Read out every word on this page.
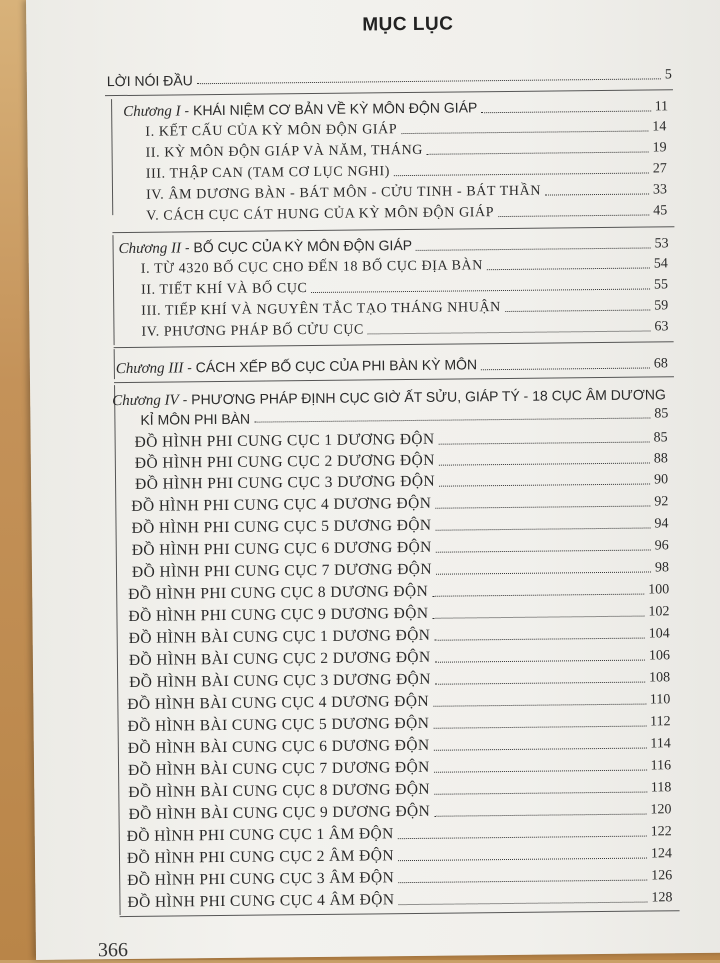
MỤC LỤC
LỜI NÓI ĐẦU	5
Chương I - KHÁI NIỆM CƠ BẢN VỀ KỲ MÔN ĐỘN GIÁP	11
I. KẾT CẤU CỦA KỲ MÔN ĐỘN GIÁP	14
II. KỲ MÔN ĐỘN GIÁP VÀ NĂM, THÁNG	19
III. THẬP CAN (TAM CƠ LỤC NGHI)	27
IV. ÂM DƯƠNG BÀN - BÁT MÔN - CỬU TINH - BÁT THẦN	33
V. CÁCH CỤC CÁT HUNG CỦA KỲ MÔN ĐỘN GIÁP	45
Chương II - BỐ CỤC CỦA KỲ MÔN ĐỘN GIÁP	53
I. TỪ 4320 BỐ CỤC CHO ĐẾN 18 BỐ CỤC ĐỊA BÀN	54
II. TIẾT KHÍ VÀ BỐ CỤC	55
III. TIẾP KHÍ VÀ NGUYÊN TẮC TẠO THÁNG NHUẬN	59
IV. PHƯƠNG PHÁP BỐ CỬU CỤC	63
Chương III - CÁCH XẾP BỐ CỤC CỦA PHI BÀN KỲ MÔN	68
Chương IV - PHƯƠNG PHÁP ĐỊNH CỤC GIỜ ẤT SỬU, GIÁP TÝ - 18 CỤC ÂM DƯƠNG
KỈ MÔN PHI BÀN	85
ĐỒ HÌNH PHI CUNG CỤC 1 DƯƠNG ĐỘN	85
ĐỒ HÌNH PHI CUNG CỤC 2 DƯƠNG ĐỘN	88
ĐỒ HÌNH PHI CUNG CỤC 3 DƯƠNG ĐỘN	90
ĐỒ HÌNH PHI CUNG CỤC 4 DƯƠNG ĐỘN	92
ĐỒ HÌNH PHI CUNG CỤC 5 DƯƠNG ĐỘN	94
ĐỒ HÌNH PHI CUNG CỤC 6 DƯƠNG ĐỘN	96
ĐỒ HÌNH PHI CUNG CỤC 7 DƯƠNG ĐỘN	98
ĐỒ HÌNH PHI CUNG CỤC 8 DƯƠNG ĐỘN	100
ĐỒ HÌNH PHI CUNG CỤC 9 DƯƠNG ĐỘN	102
ĐỒ HÌNH BÀI CUNG CỤC 1 DƯƠNG ĐỘN	104
ĐỒ HÌNH BÀI CUNG CỤC 2 DƯƠNG ĐỘN	106
ĐỒ HÌNH BÀI CUNG CỤC 3 DƯƠNG ĐỘN	108
ĐỒ HÌNH BÀI CUNG CỤC 4 DƯƠNG ĐỘN	110
ĐỒ HÌNH BÀI CUNG CỤC 5 DƯƠNG ĐỘN	112
ĐỒ HÌNH BÀI CUNG CỤC 6 DƯƠNG ĐỘN	114
ĐỒ HÌNH BÀI CUNG CỤC 7 DƯƠNG ĐỘN	116
ĐỒ HÌNH BÀI CUNG CỤC 8 DƯƠNG ĐỘN	118
ĐỒ HÌNH BÀI CUNG CỤC 9 DƯƠNG ĐỘN	120
ĐỒ HÌNH PHI CUNG CỤC 1 ÂM ĐỘN	122
ĐỒ HÌNH PHI CUNG CỤC 2 ÂM ĐỘN	124
ĐỒ HÌNH PHI CUNG CỤC 3 ÂM ĐỘN	126
ĐỒ HÌNH PHI CUNG CỤC 4 ÂM ĐỘN	128
366
